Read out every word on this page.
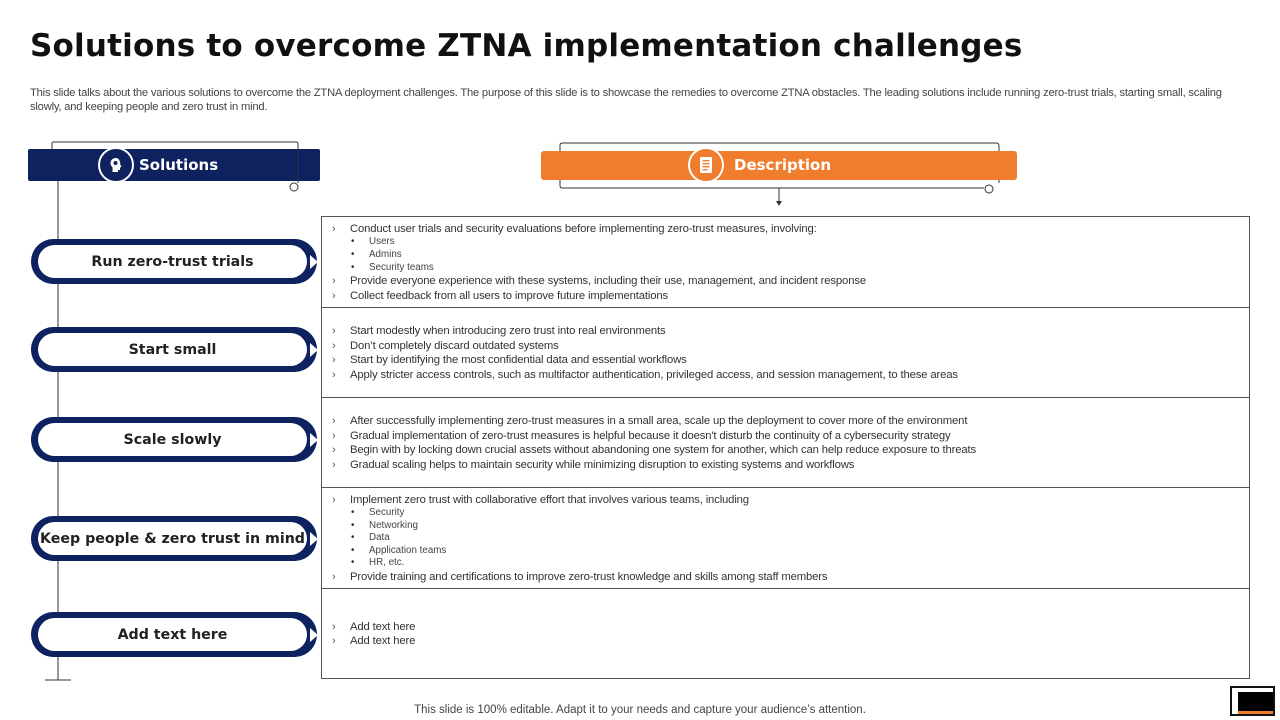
Solutions to overcome ZTNA implementation challenges
This slide talks about the various solutions to overcome the ZTNA deployment challenges. The purpose of this slide is to showcase the remedies to overcome ZTNA obstacles. The leading solutions include running zero-trust trials, starting small, scaling slowly, and keeping people and zero trust in mind.
Solutions	Description
Run zero-trust trials
Start small
Scale slowly
Keep people & zero trust in mind
Add text here
› Conduct user trials and security evaluations before implementing zero-trust measures, involving:
• Users
• Admins
• Security teams
› Provide everyone experience with these systems, including their use, management, and incident response
› Collect feedback from all users to improve future implementations
› Start modestly when introducing zero trust into real environments
› Don’t completely discard outdated systems
› Start by identifying the most confidential data and essential workflows
› Apply stricter access controls, such as multifactor authentication, privileged access, and session management, to these areas
› After successfully implementing zero-trust measures in a small area, scale up the deployment to cover more of the environment
› Gradual implementation of zero-trust measures is helpful because it doesn't disturb the continuity of a cybersecurity strategy
› Begin with by locking down crucial assets without abandoning one system for another, which can help reduce exposure to threats
› Gradual scaling helps to maintain security while minimizing disruption to existing systems and workflows
› Implement zero trust with collaborative effort that involves various teams, including
• Security
• Networking
• Data
• Application teams
• HR, etc.
› Provide training and certifications to improve zero-trust knowledge and skills among staff members
› Add text here
› Add text here
This slide is 100% editable. Adapt it to your needs and capture your audience’s attention.
